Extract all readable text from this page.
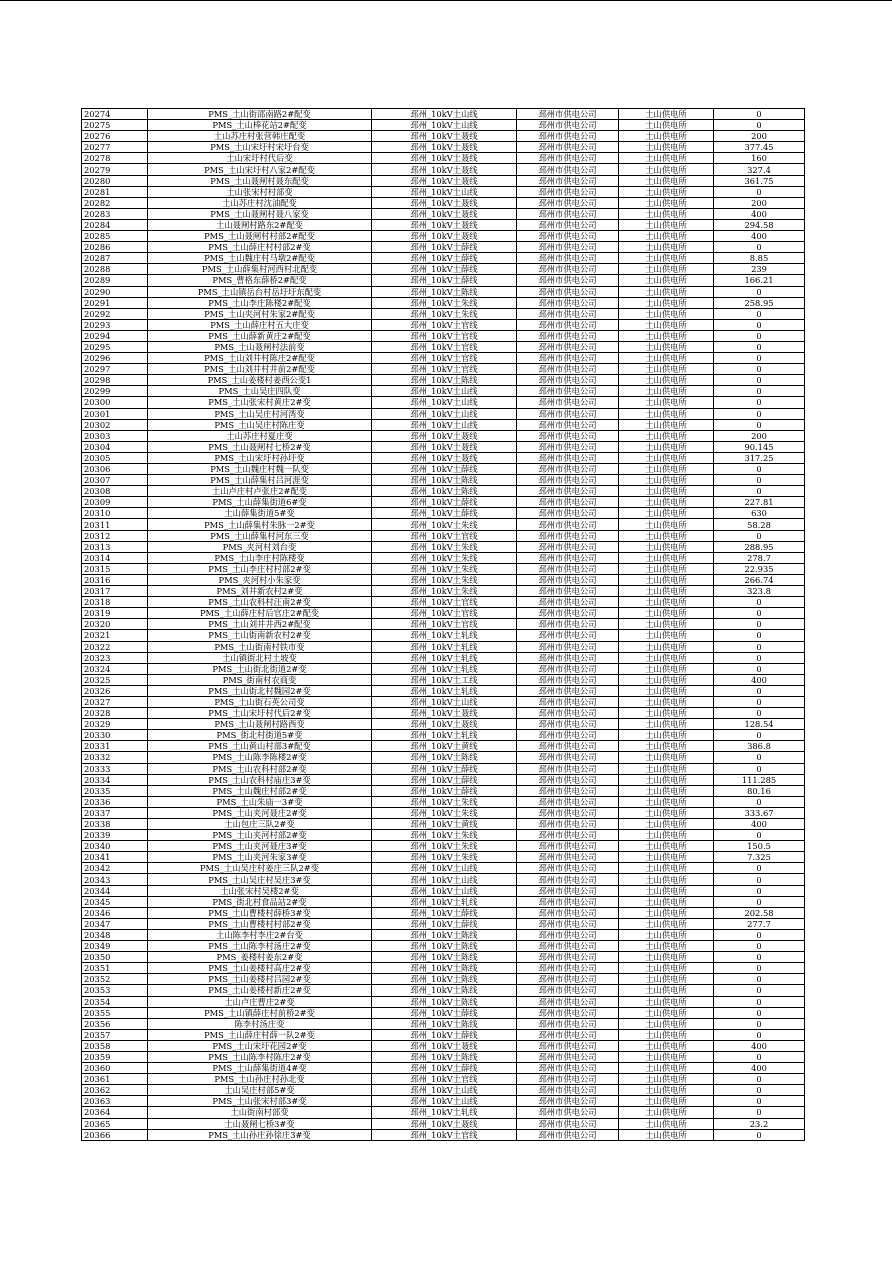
20274	PMS_土山街邵南路2#配变	邳州_10kV土山线	邳州市供电公司	土山供电所	0
20275	PMS_土山棒花站2#配变	邳州_10kV土山线	邳州市供电公司	土山供电所	0
20276	土山苏庄村张营韩庄配变	邳州_10kV土聂线	邳州市供电公司	土山供电所	200
20277	PMS_土山宋圩村宋圩台变	邳州_10kV土聂线	邳州市供电公司	土山供电所	377.45
20278	土山宋圩村代后变	邳州_10kV土聂线	邳州市供电公司	土山供电所	160
20279	PMS_土山宋圩村八家2#配变	邳州_10kV土聂线	邳州市供电公司	土山供电所	327.4
20280	PMS_土山聂闸村聂东配变	邳州_10kV土聂线	邳州市供电公司	土山供电所	361.75
20281	土山张宋村村部变	邳州_10kV土山线	邳州市供电公司	土山供电所	0
20282	土山苏庄村沈油配变	邳州_10kV土聂线	邳州市供电公司	土山供电所	200
20283	PMS_土山聂闸村聂八家变	邳州_10kV土聂线	邳州市供电公司	土山供电所	400
20284	土山聂闸村路东2#配变	邳州_10kV土聂线	邳州市供电公司	土山供电所	294.58
20285	PMS_土山聂闸村村部2#配变	邳州_10kV土聂线	邳州市供电公司	土山供电所	400
20286	PMS_土山薛庄村村部2#变	邳州_10kV土薛线	邳州市供电公司	土山供电所	0
20287	PMS_土山魏庄村马墩2#配变	邳州_10kV土薛线	邳州市供电公司	土山供电所	8.85
20288	PMS_土山薛集村河西村北配变	邳州_10kV土薛线	邳州市供电公司	土山供电所	239
20289	PMS_曹格东薛桥2#配变	邳州_10kV土薛线	邳州市供电公司	土山供电所	166.21
20290	PMS_土山镇岳台村岳圩圩东配变	邳州_10kV土陈线	邳州市供电公司	土山供电所	0
20291	PMS_土山李庄陈楼2#配变	邳州_10kV土朱线	邳州市供电公司	土山供电所	258.95
20292	PMS_土山夹河村朱家2#配变	邳州_10kV土朱线	邳州市供电公司	土山供电所	0
20293	PMS_土山薛庄村五大庄变	邳州_10kV土官线	邳州市供电公司	土山供电所	0
20294	PMS_土山薛新黄庄2#配变	邳州_10kV土官线	邳州市供电公司	土山供电所	0
20295	PMS_土山聂闸村法前变	邳州_10kV土官线	邳州市供电公司	土山供电所	0
20296	PMS_土山刘井村陈庄2#配变	邳州_10kV土官线	邳州市供电公司	土山供电所	0
20297	PMS_土山刘井村井前2#配变	邳州_10kV土官线	邳州市供电公司	土山供电所	0
20298	PMS_土山姜楼村姜西公变1	邳州_10kV土陈线	邳州市供电公司	土山供电所	0
20299	PMS_土山吴庄四队变	邳州_10kV土山线	邳州市供电公司	土山供电所	0
20300	PMS_土山张宋村黄庄2#变	邳州_10kV土山线	邳州市供电公司	土山供电所	0
20301	PMS_土山吴庄村河湾变	邳州_10kV土山线	邳州市供电公司	土山供电所	0
20302	PMS_土山吴庄村陈庄变	邳州_10kV土山线	邳州市供电公司	土山供电所	0
20303	土山苏庄村夏庄变	邳州_10kV土聂线	邳州市供电公司	土山供电所	200
20304	PMS_土山聂闸村七桥2#变	邳州_10kV土聂线	邳州市供电公司	土山供电所	90.145
20305	PMS_土山宋圩村孙圩变	邳州_10kV土聂线	邳州市供电公司	土山供电所	317.25
20306	PMS_土山魏庄村魏一队变	邳州_10kV土薛线	邳州市供电公司	土山供电所	0
20307	PMS_土山薛集村吕河涯变	邳州_10kV土陈线	邳州市供电公司	土山供电所	0
20308	土山卢庄村卢张庄2#配变	邳州_10kV土陈线	邳州市供电公司	土山供电所	0
20309	PMS_土山薛集街道6#变	邳州_10kV土薛线	邳州市供电公司	土山供电所	227.81
20310	土山薛集街道5#变	邳州_10kV土薛线	邳州市供电公司	土山供电所	630
20311	PMS_土山薛集村朱脉一2#变	邳州_10kV土朱线	邳州市供电公司	土山供电所	58.28
20312	PMS_土山薛集村河东三变	邳州_10kV土官线	邳州市供电公司	土山供电所	0
20313	PMS_夹河村刘台变	邳州_10kV土朱线	邳州市供电公司	土山供电所	288.95
20314	PMS_土山李庄村陈楼变	邳州_10kV土朱线	邳州市供电公司	土山供电所	278.7
20315	PMS_土山李庄村村部2#变	邳州_10kV土朱线	邳州市供电公司	土山供电所	22.935
20316	PMS_夹河村小朱家变	邳州_10kV土朱线	邳州市供电公司	土山供电所	266.74
20317	PMS_刘井新农村2#变	邳州_10kV土朱线	邳州市供电公司	土山供电所	323.8
20318	PMS_土山农科村汪南2#变	邳州_10kV土官线	邳州市供电公司	土山供电所	0
20319	PMS_土山薛庄村后官庄2#配变	邳州_10kV土官线	邳州市供电公司	土山供电所	0
20320	PMS_土山刘井井西2#配变	邳州_10kV土官线	邳州市供电公司	土山供电所	0
20321	PMS_土山街南新农村2#变	邳州_10kV土轧线	邳州市供电公司	土山供电所	0
20322	PMS_土山街南村铁市变	邳州_10kV土轧线	邳州市供电公司	土山供电所	0
20323	土山镇街北村土坡变	邳州_10kV土轧线	邳州市供电公司	土山供电所	0
20324	PMS_土山街北街道2#变	邳州_10kV土轧线	邳州市供电公司	土山供电所	0
20325	PMS_街南村农商变	邳州_10kV土工线	邳州市供电公司	土山供电所	400
20326	PMS_土山街北村魏园2#变	邳州_10kV土轧线	邳州市供电公司	土山供电所	0
20327	PMS_土山街石英公司变	邳州_10kV土山线	邳州市供电公司	土山供电所	0
20328	PMS_土山宋圩村代后2#变	邳州_10kV土聂线	邳州市供电公司	土山供电所	0
20329	PMS_土山聂闸村路西变	邳州_10kV土聂线	邳州市供电公司	土山供电所	128.54
20330	PMS_街北村街道5#变	邳州_10kV土轧线	邳州市供电公司	土山供电所	0
20331	PMS_土山黄山村部3#配变	邳州_10kV土黄线	邳州市供电公司	土山供电所	386.8
20332	PMS_土山陈李陈楼2#变	邳州_10kV土陈线	邳州市供电公司	土山供电所	0
20333	PMS_土山农科村部2#变	邳州_10kV土薛线	邳州市供电公司	土山供电所	0
20334	PMS_土山农科村庙庄3#变	邳州_10kV土薛线	邳州市供电公司	土山供电所	111.285
20335	PMS_土山魏庄村部2#变	邳州_10kV土薛线	邳州市供电公司	土山供电所	80.16
20336	PMS_土山朱庙一3#变	邳州_10kV土朱线	邳州市供电公司	土山供电所	0
20337	PMS_土山夹河聂庄2#变	邳州_10kV土朱线	邳州市供电公司	土山供电所	333.67
20338	土山包庄三队2#变	邳州_10kV土黄线	邳州市供电公司	土山供电所	400
20339	PMS_土山夹河村部2#变	邳州_10kV土朱线	邳州市供电公司	土山供电所	0
20340	PMS_土山夹河聂庄3#变	邳州_10kV土朱线	邳州市供电公司	土山供电所	150.5
20341	PMS_土山夹河朱家3#变	邳州_10kV土朱线	邳州市供电公司	土山供电所	7.325
20342	PMS_土山吴庄村姜庄三队2#变	邳州_10kV土山线	邳州市供电公司	土山供电所	0
20343	PMS_土山吴庄村吴庄3#变	邳州_10kV土山线	邳州市供电公司	土山供电所	0
20344	土山张宋村吴楼2#变	邳州_10kV土山线	邳州市供电公司	土山供电所	0
20345	PMS_街北村食品站2#变	邳州_10kV土轧线	邳州市供电公司	土山供电所	0
20346	PMS_土山曹楼村薛桥3#变	邳州_10kV土薛线	邳州市供电公司	土山供电所	202.58
20347	PMS_土山曹楼村村部2#变	邳州_10kV土薛线	邳州市供电公司	土山供电所	277.7
20348	土山陈李村李庄2#台变	邳州_10kV土陈线	邳州市供电公司	土山供电所	0
20349	PMS_土山陈李村汤庄2#变	邳州_10kV土陈线	邳州市供电公司	土山供电所	0
20350	PMS_姜楼村姜东2#变	邳州_10kV土陈线	邳州市供电公司	土山供电所	0
20351	PMS_土山姜楼村高庄2#变	邳州_10kV土陈线	邳州市供电公司	土山供电所	0
20352	PMS_土山姜楼村吕园2#变	邳州_10kV土陈线	邳州市供电公司	土山供电所	0
20353	PMS_土山姜楼村新庄2#变	邳州_10kV土陈线	邳州市供电公司	土山供电所	0
20354	土山卢庄曹庄2#变	邳州_10kV土陈线	邳州市供电公司	土山供电所	0
20355	PMS_土山镇薛庄村前桥2#变	邳州_10kV土薛线	邳州市供电公司	土山供电所	0
20356	陈李村汤庄变	邳州_10kV土陈线	邳州市供电公司	土山供电所	0
20357	PMS_土山薛庄村薛一队2#变	邳州_10kV土薛线	邳州市供电公司	土山供电所	0
20358	PMS_土山宋圩花园2#变	邳州_10kV土聂线	邳州市供电公司	土山供电所	400
20359	PMS_土山陈李村陈庄2#变	邳州_10kV土陈线	邳州市供电公司	土山供电所	0
20360	PMS_土山薛集街道4#变	邳州_10kV土薛线	邳州市供电公司	土山供电所	400
20361	PMS_土山孙庄村孙北变	邳州_10kV土官线	邳州市供电公司	土山供电所	0
20362	土山吴庄村部5#变	邳州_10kV土山线	邳州市供电公司	土山供电所	0
20363	PMS_土山张宋村部3#变	邳州_10kV土山线	邳州市供电公司	土山供电所	0
20364	土山街南村部变	邳州_10kV土轧线	邳州市供电公司	土山供电所	0
20365	土山聂闸七桥3#变	邳州_10kV土聂线	邳州市供电公司	土山供电所	23.2
20366	PMS_土山孙庄孙徐庄3#变	邳州_10kV土官线	邳州市供电公司	土山供电所	0
